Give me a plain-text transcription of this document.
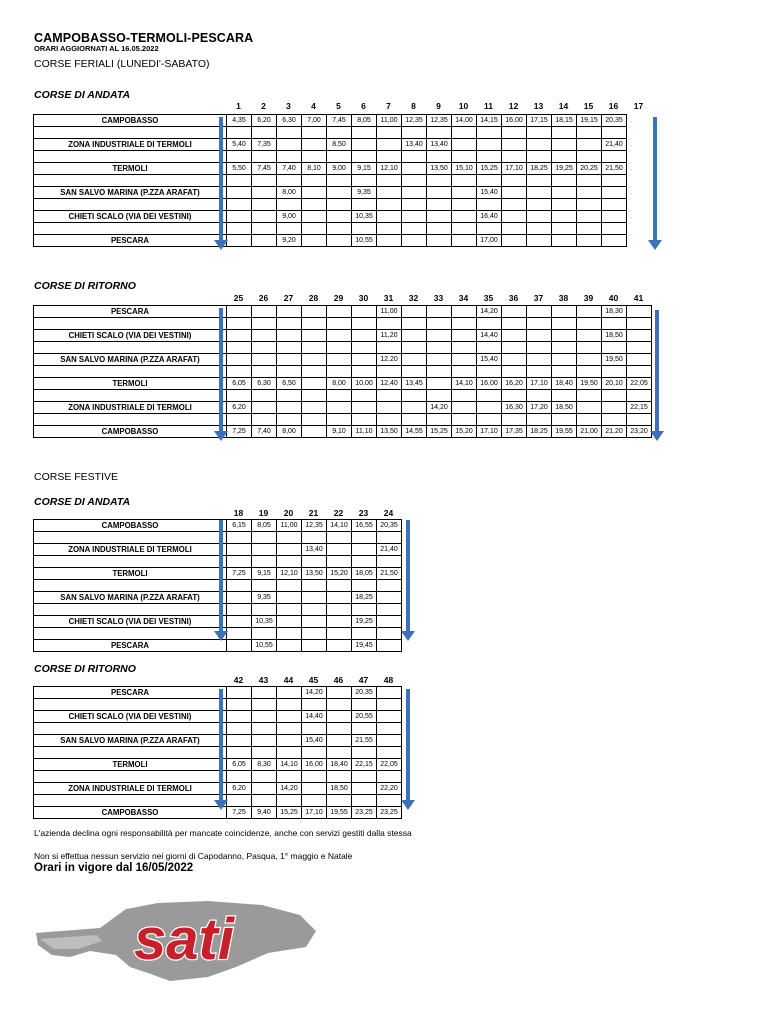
CAMPOBASSO-TERMOLI-PESCARA
ORARI AGGIORNATI AL 16.05.2022
CORSE FERIALI (LUNEDI'-SABATO)
CORSE DI ANDATA
1	2	3	4	5	6	7	8	9	10	11	12	13	14	15	16	17
CAMPOBASSO	4,35	6,20	6,30	7,00	7,45	8,05	11,00	12,35	12,35	14,00	14,15	16,00	17,15	18,15	19,15	20,35

ZONA INDUSTRIALE DI TERMOLI	5,40	7,35			8,50			13,40	13,40							21,40

TERMOLI	5,50	7,45	7,40	8,10	9,00	9,15	12,10		13,50	15,10	15,25	17,10	18,25	19,25	20,25	21,50

SAN SALVO MARINA (P.ZZA ARAFAT)			8,00			9,35					15,40					

CHIETI SCALO (VIA DEI VESTINI)			9,00			10,35					16,40					

PESCARA			9,20			10,55					17,00					
CORSE DI RITORNO
25	26	27	28	29	30	31	32	33	34	35	36	37	38	39	40	41
PESCARA							11,00				14,20					18,30	

CHIETI SCALO (VIA DEI VESTINI)							11,20				14,40					18,50	

SAN SALVO MARINA (P.ZZA ARAFAT)							12,20				15,40					19,50	

TERMOLI	6,05	6,30	6,50		8,00	10,00	12,40	13,45		14,10	16,00	16,20	17,10	18,40	19,50	20,10	22,05

ZONA INDUSTRIALE DI TERMOLI	6,20								14,20			16,30	17,20	18,50			22,15

CAMPOBASSO	7,25	7,40	8,00		9,10	11,10	13,50	14,55	15,25	15,20	17,10	17,35	18,25	19,55	21,00	21,20	23,20
CORSE FESTIVE
CORSE DI ANDATA
18	19	20	21	22	23	24
CAMPOBASSO	6,15	8,05	11,00	12,35	14,10	16,55	20,35

ZONA INDUSTRIALE DI TERMOLI				13,40			21,40

TERMOLI	7,25	9,15	12,10	13,50	15,20	18,05	21,50

SAN SALVO MARINA (P.ZZA ARAFAT)		9,35				18,25	

CHIETI SCALO (VIA DEI VESTINI)		10,35				19,25	

PESCARA		10,55				19,45	
CORSE DI RITORNO
42	43	44	45	46	47	48
PESCARA				14,20		20,35	

CHIETI SCALO (VIA DEI VESTINI)				14,40		20,55	

SAN SALVO MARINA (P.ZZA ARAFAT)				15,40		21,55	

TERMOLI	6,05	8,30	14,10	16,00	18,40	22,15	22,05

ZONA INDUSTRIALE DI TERMOLI	6,20		14,20		18,50		22,20

CAMPOBASSO	7,25	9,40	15,25	17,10	19,55	23,25	23,25
L'azienda declina ogni responsabilità per mancate coincidenze, anche con servizi gestiti dalla stessa
Non si effettua nessun servizio nei giorni di Capodanno, Pasqua, 1° maggio e Natale
Orari in vigore dal 16/05/2022
sati
